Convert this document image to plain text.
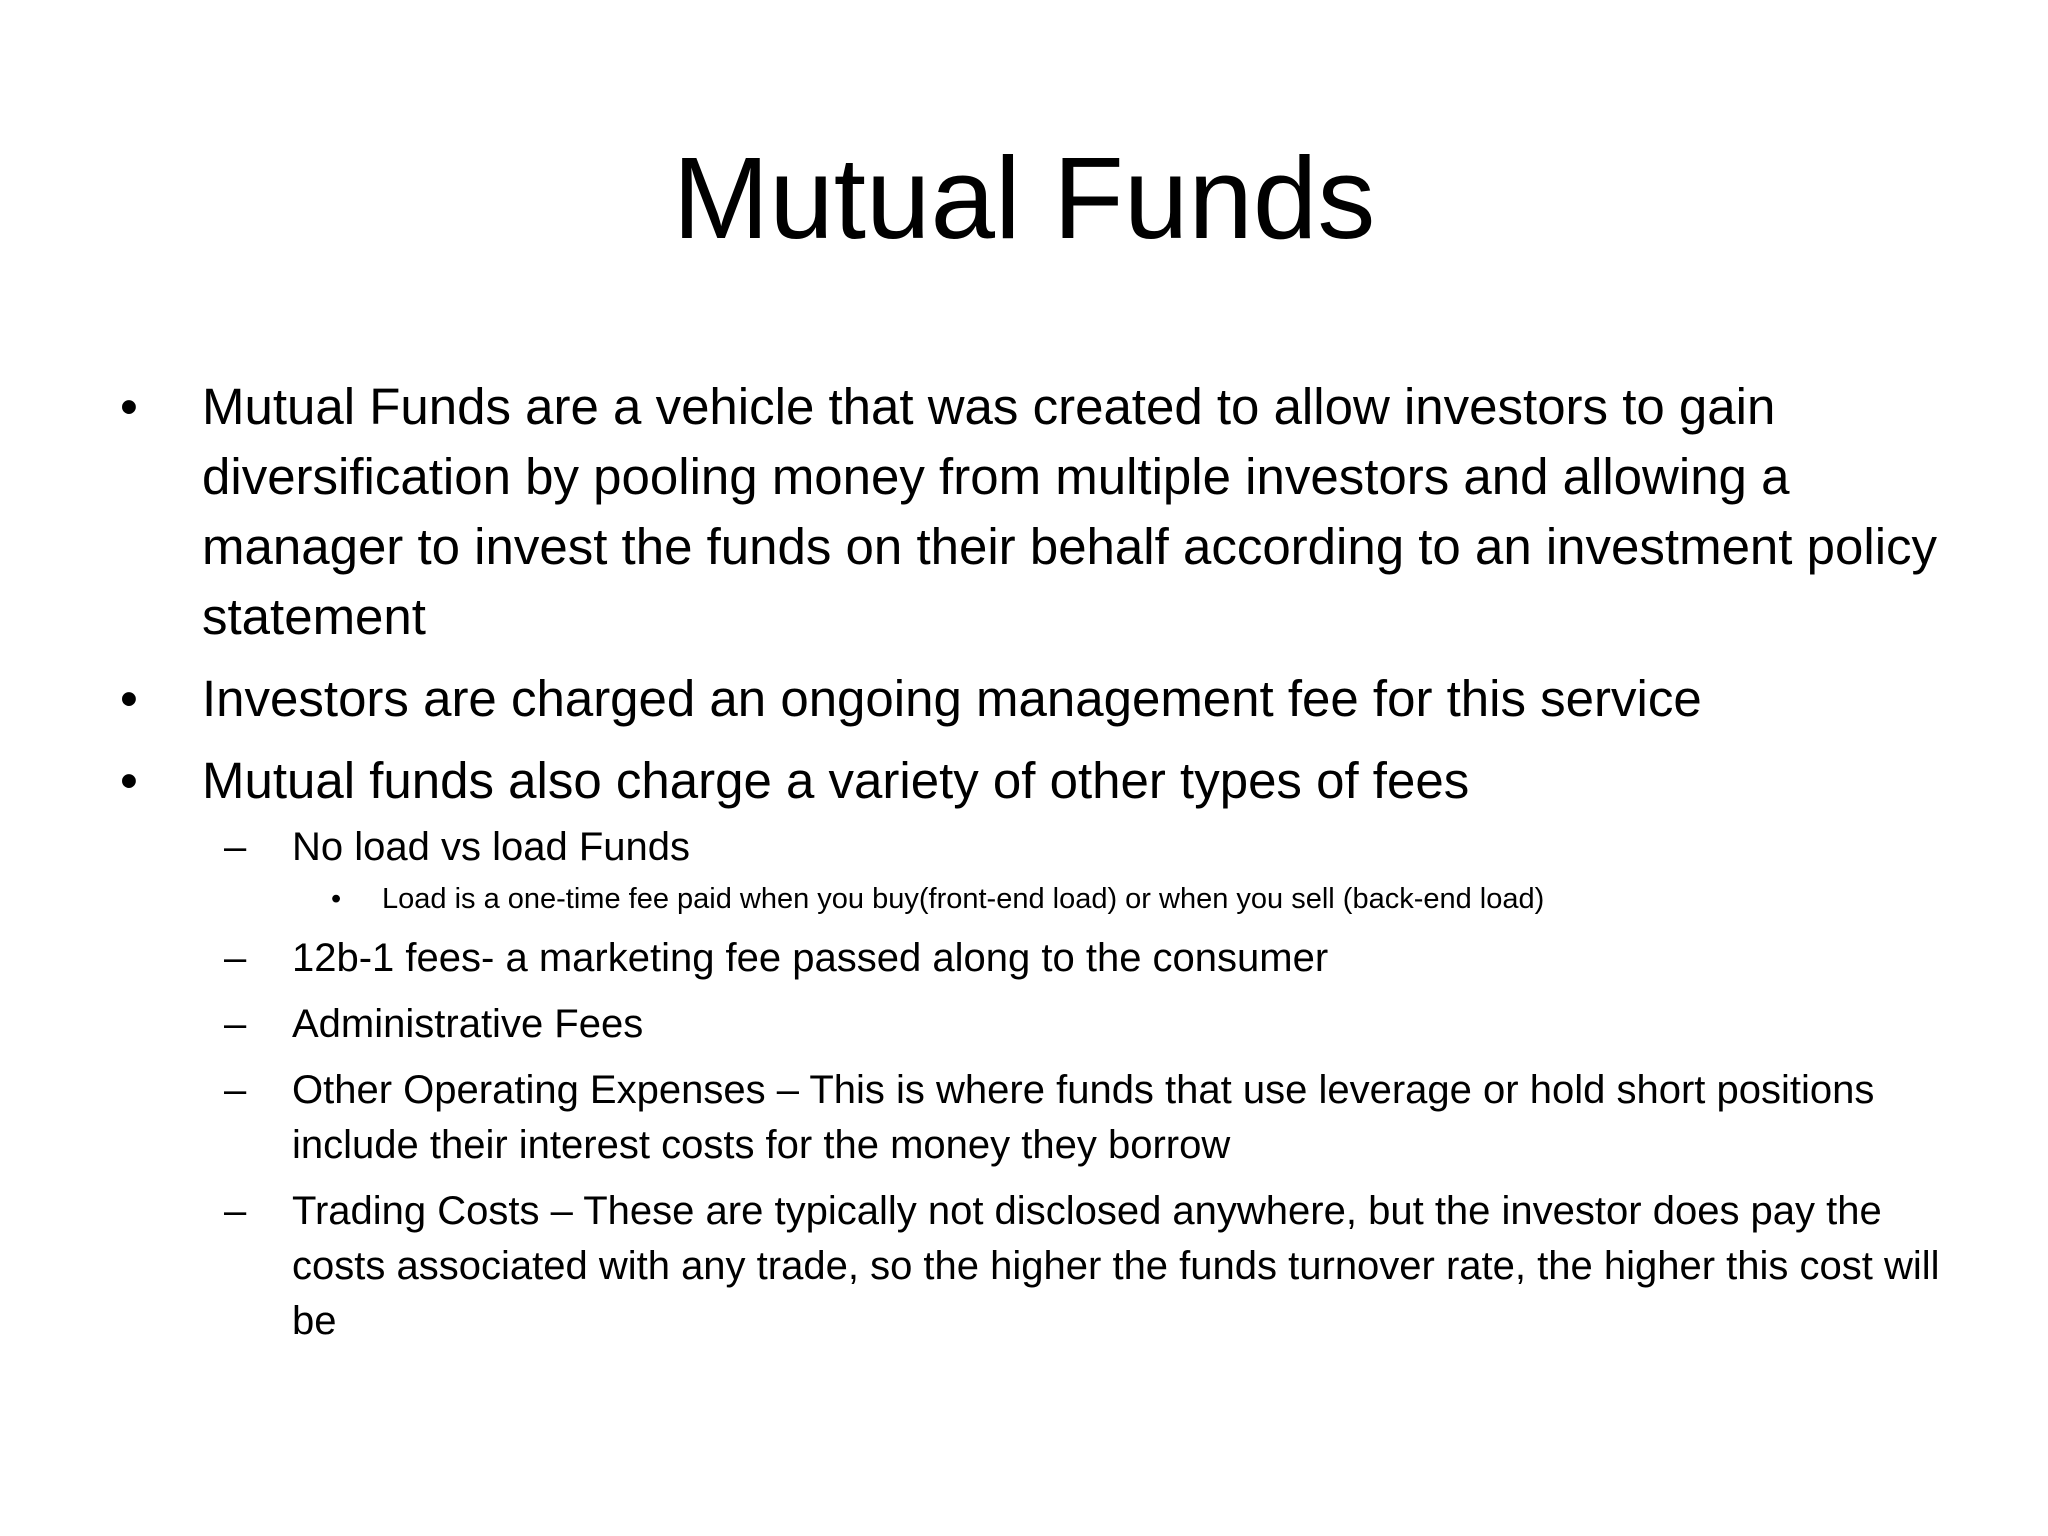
Mutual Funds
•	Mutual Funds are a vehicle that was created to allow investors to gain diversification by pooling money from multiple investors and allowing a manager to invest the funds on their behalf according to an investment policy statement
•	Investors are charged an ongoing management fee for this service
•	Mutual funds also charge a variety of other types of fees
–	No load vs load Funds
•	Load is a one-time fee paid when you buy(front-end load) or when you sell (back-end load)
–	12b-1 fees- a marketing fee passed along to the consumer
–	Administrative Fees
–	Other Operating Expenses – This is where funds that use leverage or hold short positions include their interest costs for the money they borrow
–	Trading Costs – These are typically not disclosed anywhere, but the investor does pay the costs associated with any trade, so the higher the funds turnover rate, the higher this cost will be
